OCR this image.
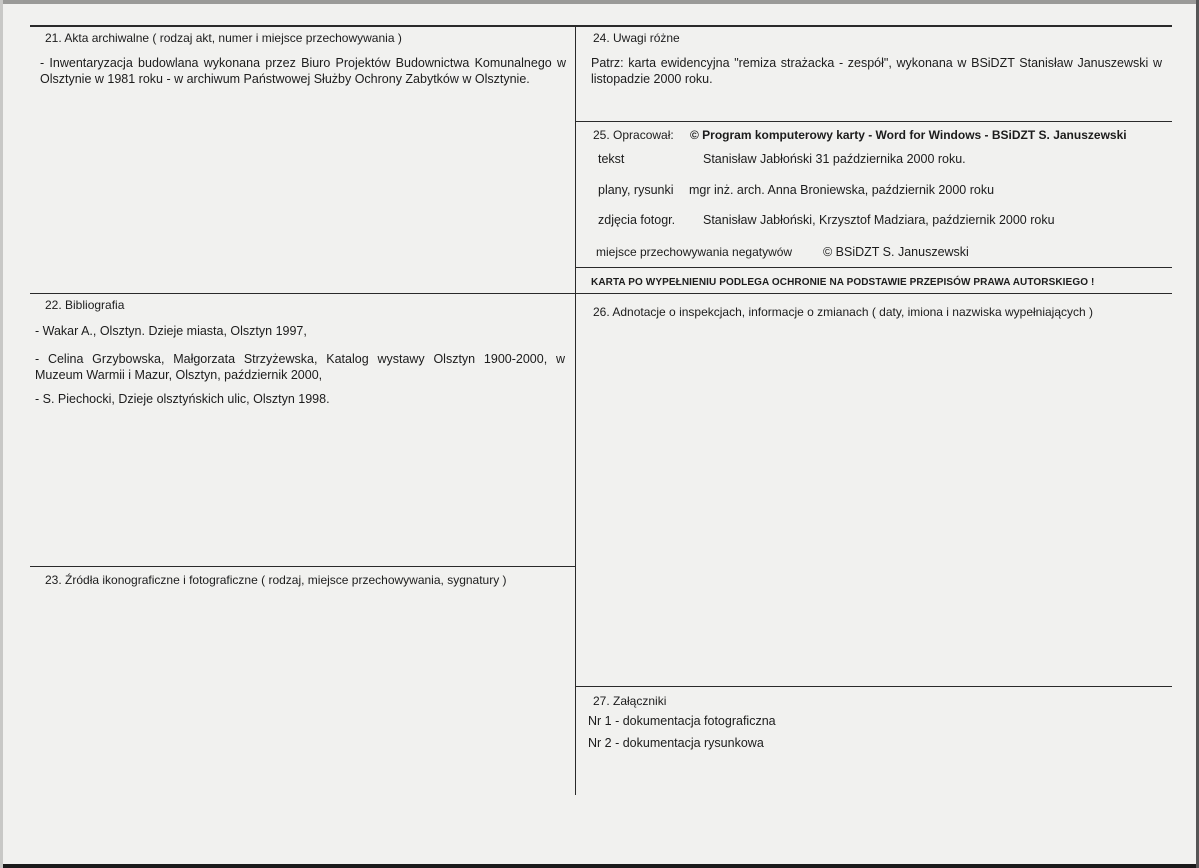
21. Akta archiwalne ( rodzaj akt, numer i miejsce przechowywania )
- Inwentaryzacja budowlana wykonana przez Biuro Projektów Budownictwa Komunalnego w Olsztynie w 1981 roku - w archiwum Państwowej Służby Ochrony Zabytków w Olsztynie.
24. Uwagi różne
Patrz: karta ewidencyjna "remiza strażacka - zespół", wykonana w BSiDZT Stanisław Januszewski w listopadzie 2000 roku.
25. Opracował: © Program komputerowy karty - Word for Windows - BSiDZT S. Januszewski
tekst	Stanisław Jabłoński 31 października 2000 roku.
plany, rysunki mgr inż. arch. Anna Broniewska, październik 2000 roku
zdjęcia fotogr. Stanisław Jabłoński, Krzysztof Madziara, październik 2000 roku
miejsce przechowywania negatywów © BSiDZT S. Januszewski
KARTA PO WYPEŁNIENIU PODLEGA OCHRONIE NA PODSTAWIE PRZEPISÓW PRAWA AUTORSKIEGO !
22. Bibliografia
- Wakar A., Olsztyn. Dzieje miasta, Olsztyn 1997,
- Celina Grzybowska, Małgorzata Strzyżewska, Katalog wystawy Olsztyn 1900-2000, w Muzeum Warmii i Mazur, Olsztyn, październik 2000,
- S. Piechocki, Dzieje olsztyńskich ulic, Olsztyn 1998.
26. Adnotacje o inspekcjach, informacje o zmianach ( daty, imiona i nazwiska wypełniających )
23. Źródła ikonograficzne i fotograficzne ( rodzaj, miejsce przechowywania, sygnatury )
27. Załączniki
Nr 1 - dokumentacja fotograficzna
Nr 2 - dokumentacja rysunkowa
